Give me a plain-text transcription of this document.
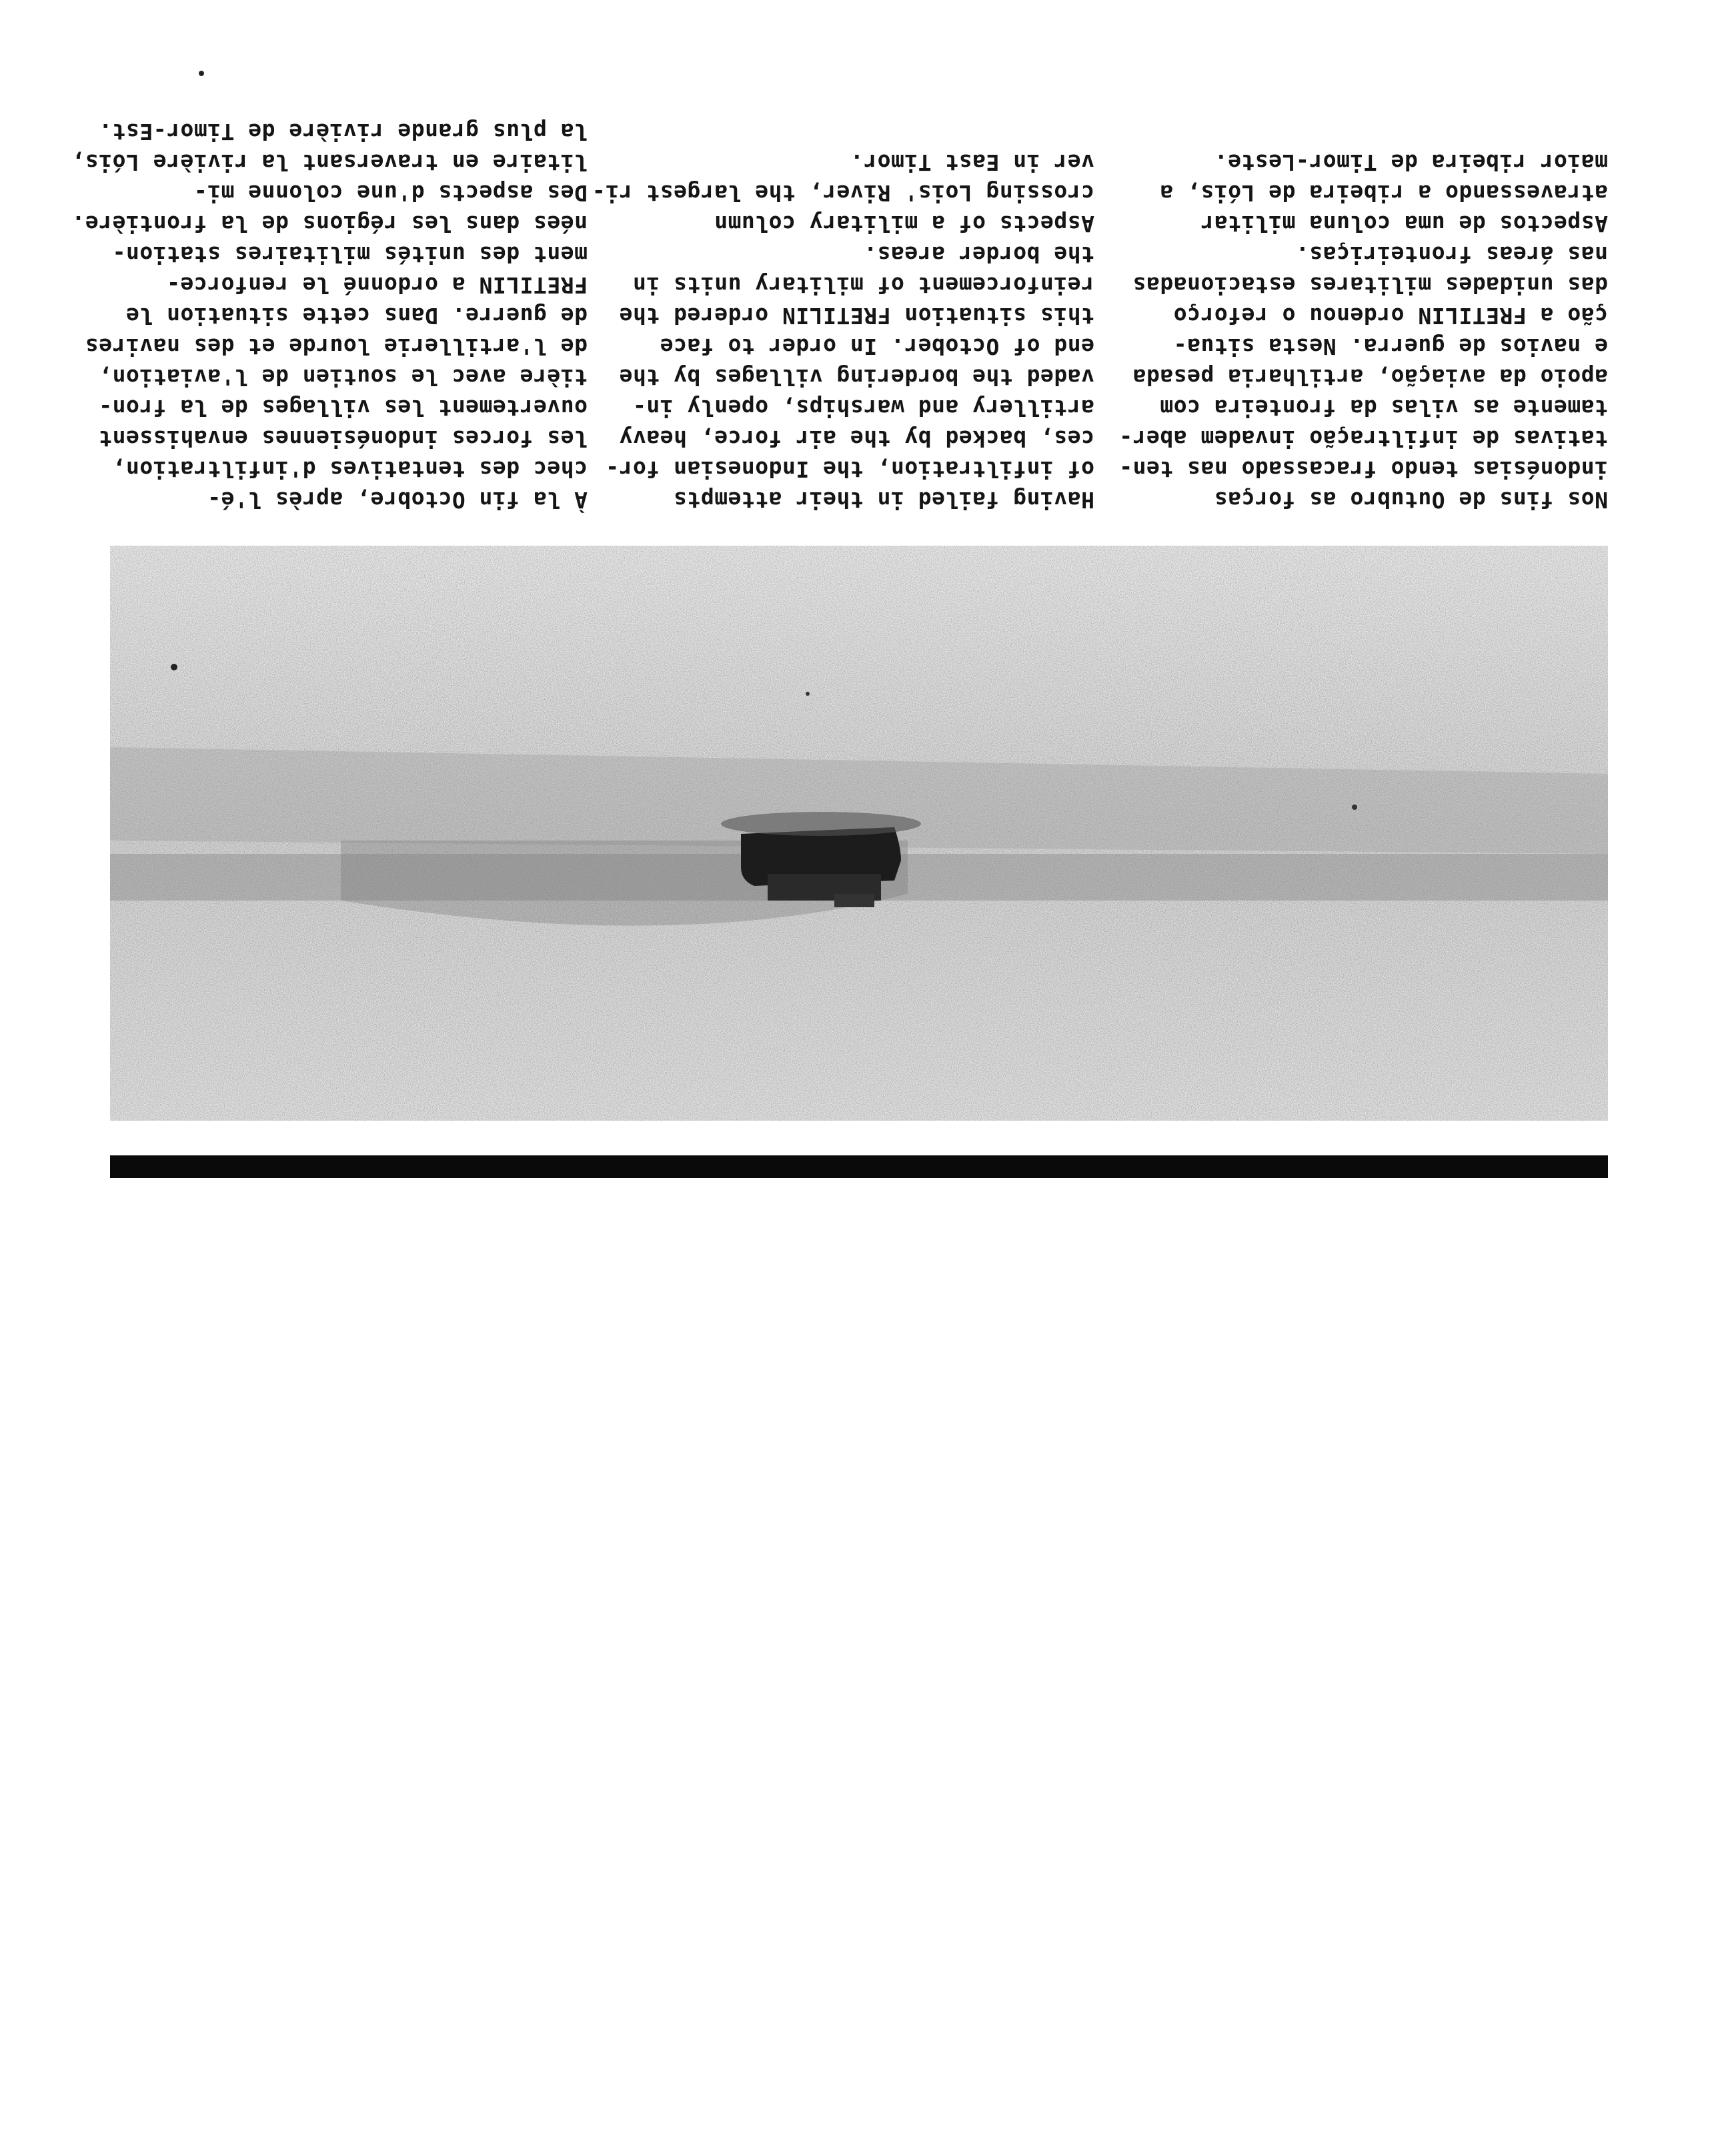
Nos fins de Outubro as forças
indonésias tendo fracassado nas ten-
tativas de infiltração invadem aber-
tamente as vilas da fronteira com
apoio da aviação, artilharia pesada
e navios de guerra. Nesta situa-
ção a FRETILIN ordenou o reforço
das unidades militares estacionadas
nas áreas fronteiriças.

Aspectos de uma coluna militar
atravessando a ribeira de Lóis, a
maior ribeira de Timor-Leste.

Having failed in their attempts
of infiltration, the Indonesian for-
ces, backed by the air force, heavy
artillery and warships, openly in-
vaded the bordering villages by the
end of October. In order to face
this situation FRETILIN ordered the
reinforcement of military units in
the border areas.

Aspects of a military column
crossing Lois' River, the largest ri-
ver in East Timor.

À la fin Octobre, après l'é-
chec des tentatives d'infiltration,
les forces indonésiennes envahissent
ouvertement les villages de la fron-
tière avec le soutien de l'aviation,
de l'artillerie lourde et des navires
de guerre. Dans cette situation le
FRETILIN a ordonné le renforce-
ment des unités militaires station-
nées dans les régions de la frontière.

Des aspects d'une colonne mi-
litaire en traversant la rivière Lóis,
la plus grande rivière de Timor-Est.
